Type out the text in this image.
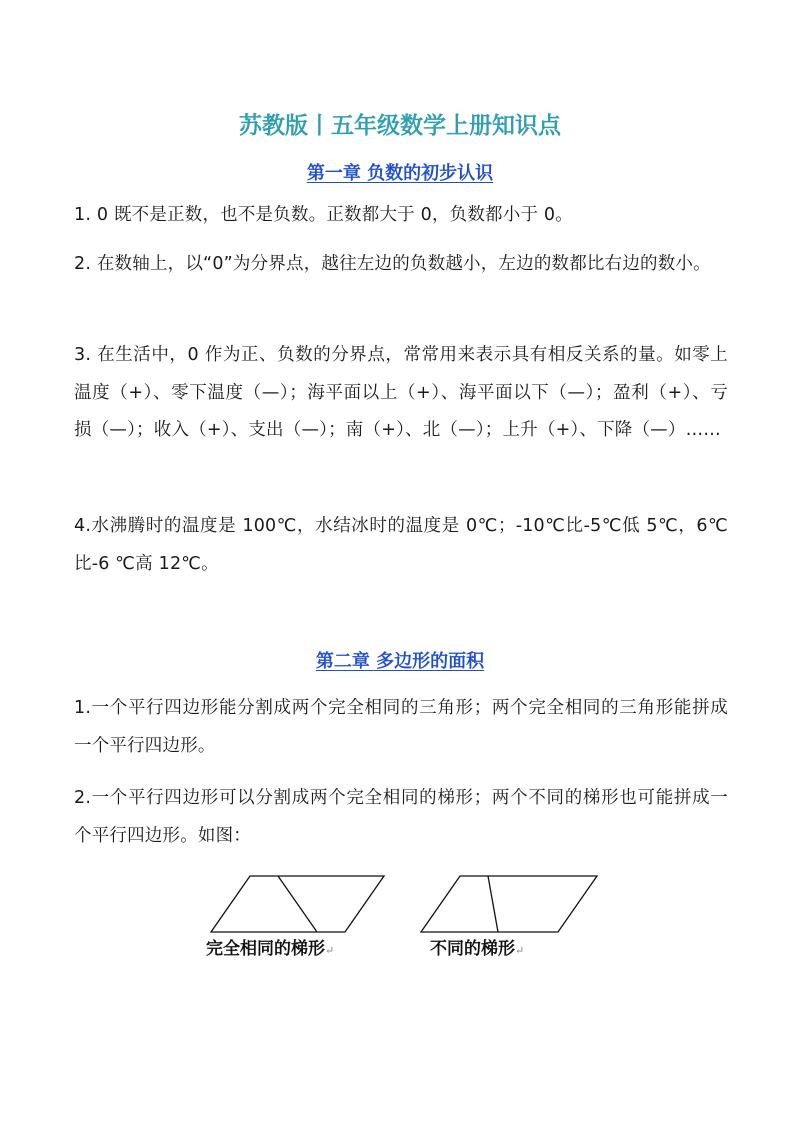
苏教版丨五年级数学上册知识点
第一章 负数的初步认识

1. 0 既不是正数，也不是负数。正数都大于 0，负数都小于 0。

2. 在数轴上，以“0”为分界点，越往左边的负数越小，左边的数都比右边的数小。

3. 在生活中，0 作为正、负数的分界点，常常用来表示具有相反关系的量。如零上温度（+）、零下温度（—）；海平面以上（+）、海平面以下（—）；盈利（+）、亏损（—）；收入（+）、支出（—）；南（+）、北（—）；上升（+）、下降（—）……

4.水沸腾时的温度是 100℃，水结冰时的温度是 0℃；-10℃比-5℃低 5℃，6℃比-6 ℃高 12℃。

第二章 多边形的面积

1.一个平行四边形能分割成两个完全相同的三角形；两个完全相同的三角形能拼成一个平行四边形。

2.一个平行四边形可以分割成两个完全相同的梯形；两个不同的梯形也可能拼成一个平行四边形。如图：

完全相同的梯形↵	不同的梯形↵
